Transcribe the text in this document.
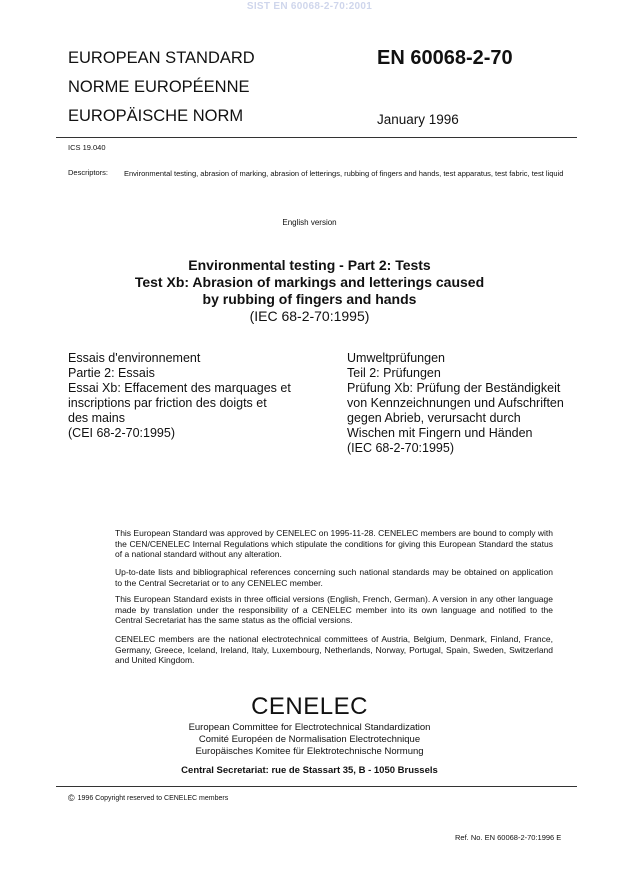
SIST EN 60068-2-70:2001
EUROPEAN STANDARD
NORME EUROPÉENNE
EUROPÄISCHE NORM
EN 60068-2-70
January 1996
ICS 19.040
Descriptors: Environmental testing, abrasion of marking, abrasion of letterings, rubbing of fingers and hands, test apparatus, test fabric, test liquid
English version
Environmental testing - Part 2: Tests
Test Xb: Abrasion of markings and letterings caused
by rubbing of fingers and hands
(IEC 68-2-70:1995)
Essais d'environnement
Partie 2: Essais
Essai Xb: Effacement des marquages et
inscriptions par friction des doigts et
des mains
(CEI 68-2-70:1995)
Umweltprüfungen
Teil 2: Prüfungen
Prüfung Xb: Prüfung der Beständigkeit
von Kennzeichnungen und Aufschriften
gegen Abrieb, verursacht durch
Wischen mit Fingern und Händen
(IEC 68-2-70:1995)
This European Standard was approved by CENELEC on 1995-11-28. CENELEC members are bound to comply with the CEN/CENELEC Internal Regulations which stipulate the conditions for giving this European Standard the status of a national standard without any alteration.
Up-to-date lists and bibliographical references concerning such national standards may be obtained on application to the Central Secretariat or to any CENELEC member.
This European Standard exists in three official versions (English, French, German). A version in any other language made by translation under the responsibility of a CENELEC member into its own language and notified to the Central Secretariat has the same status as the official versions.
CENELEC members are the national electrotechnical committees of Austria, Belgium, Denmark, Finland, France, Germany, Greece, Iceland, Ireland, Italy, Luxembourg, Netherlands, Norway, Portugal, Spain, Sweden, Switzerland and United Kingdom.
CENELEC
European Committee for Electrotechnical Standardization
Comité Européen de Normalisation Electrotechnique
Europäisches Komitee für Elektrotechnische Normung
Central Secretariat: rue de Stassart 35, B - 1050 Brussels
© 1996 Copyright reserved to CENELEC members
Ref. No. EN 60068-2-70:1996 E
